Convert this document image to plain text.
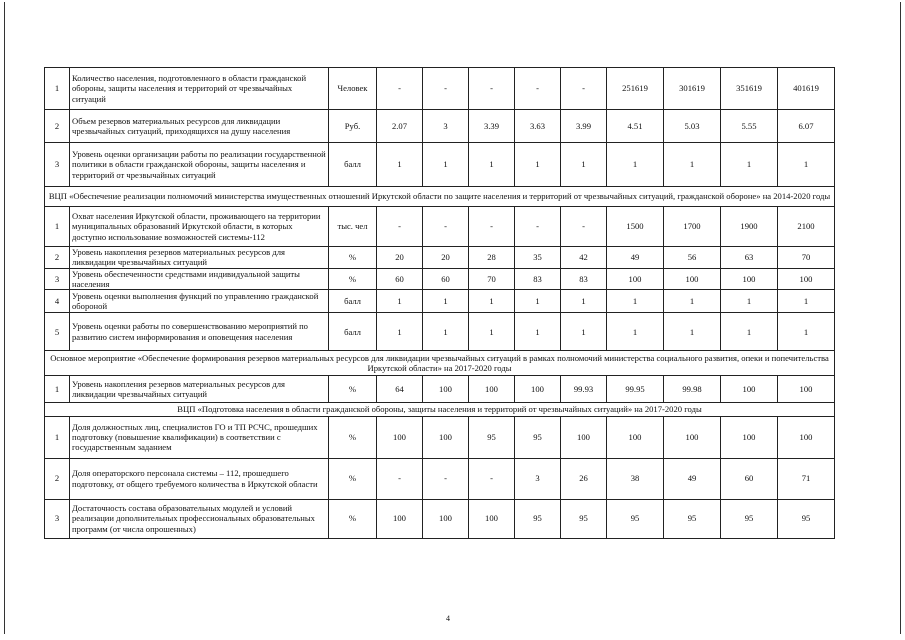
1	Количество населения, подготовленного в области гражданской обороны, защиты населения и территорий от чрезвычайных ситуаций	Человек	-	-	-	-	-	251619	301619	351619	401619
2	Объем резервов материальных ресурсов для ликвидации чрезвычайных ситуаций, приходящихся на душу населения	Руб.	2.07	3	3.39	3.63	3.99	4.51	5.03	5.55	6.07
3	Уровень оценки организации работы по реализации государственной политики в области гражданской обороны, защиты населения и территорий от чрезвычайных ситуаций	балл	1	1	1	1	1	1	1	1	1
ВЦП «Обеспечение реализации полномочий министерства имущественных отношений Иркутской области по защите населения и территорий от чрезвычайных ситуаций, гражданской обороне» на 2014-2020 годы											
1	Охват населения Иркутской области, проживающего на территории муниципальных образований Иркутской области, в которых доступно использование возможностей системы-112	тыс. чел	-	-	-	-	-	1500	1700	1900	2100
2	Уровень накопления резервов материальных ресурсов для ликвидации чрезвычайных ситуаций	%	20	20	28	35	42	49	56	63	70
3	Уровень обеспеченности средствами индивидуальной защиты населения	%	60	60	70	83	83	100	100	100	100
4	Уровень оценки выполнения функций по управлению гражданской обороной	балл	1	1	1	1	1	1	1	1	1
5	Уровень оценки работы по совершенствованию мероприятий по развитию систем информирования и оповещения населения	балл	1	1	1	1	1	1	1	1	1
Основное мероприятие «Обеспечение формирования резервов материальных ресурсов для ликвидации чрезвычайных ситуаций в рамках полномочий министерства социального развития, опеки и попечительства Иркутской области» на 2017-2020 годы											
1	Уровень накопления резервов материальных ресурсов для ликвидации чрезвычайных ситуаций	%	64	100	100	100	99.93	99.95	99.98	100	100
ВЦП «Подготовка населения в области гражданской обороны, защиты населения и территорий от чрезвычайных ситуаций» на 2017-2020 годы											
1	Доля должностных лиц, специалистов ГО и ТП РСЧС, прошедших подготовку (повышение квалификации) в соответствии с государственным заданием	%	100	100	95	95	100	100	100	100	100
2	Доля операторского персонала системы – 112, прошедшего подготовку, от общего требуемого количества в Иркутской области	%	-	-	-	3	26	38	49	60	71
3	Достаточность состава образовательных модулей и условий реализации дополнительных профессиональных образовательных программ (от числа опрошенных)	%	100	100	100	95	95	95	95	95	95
4
